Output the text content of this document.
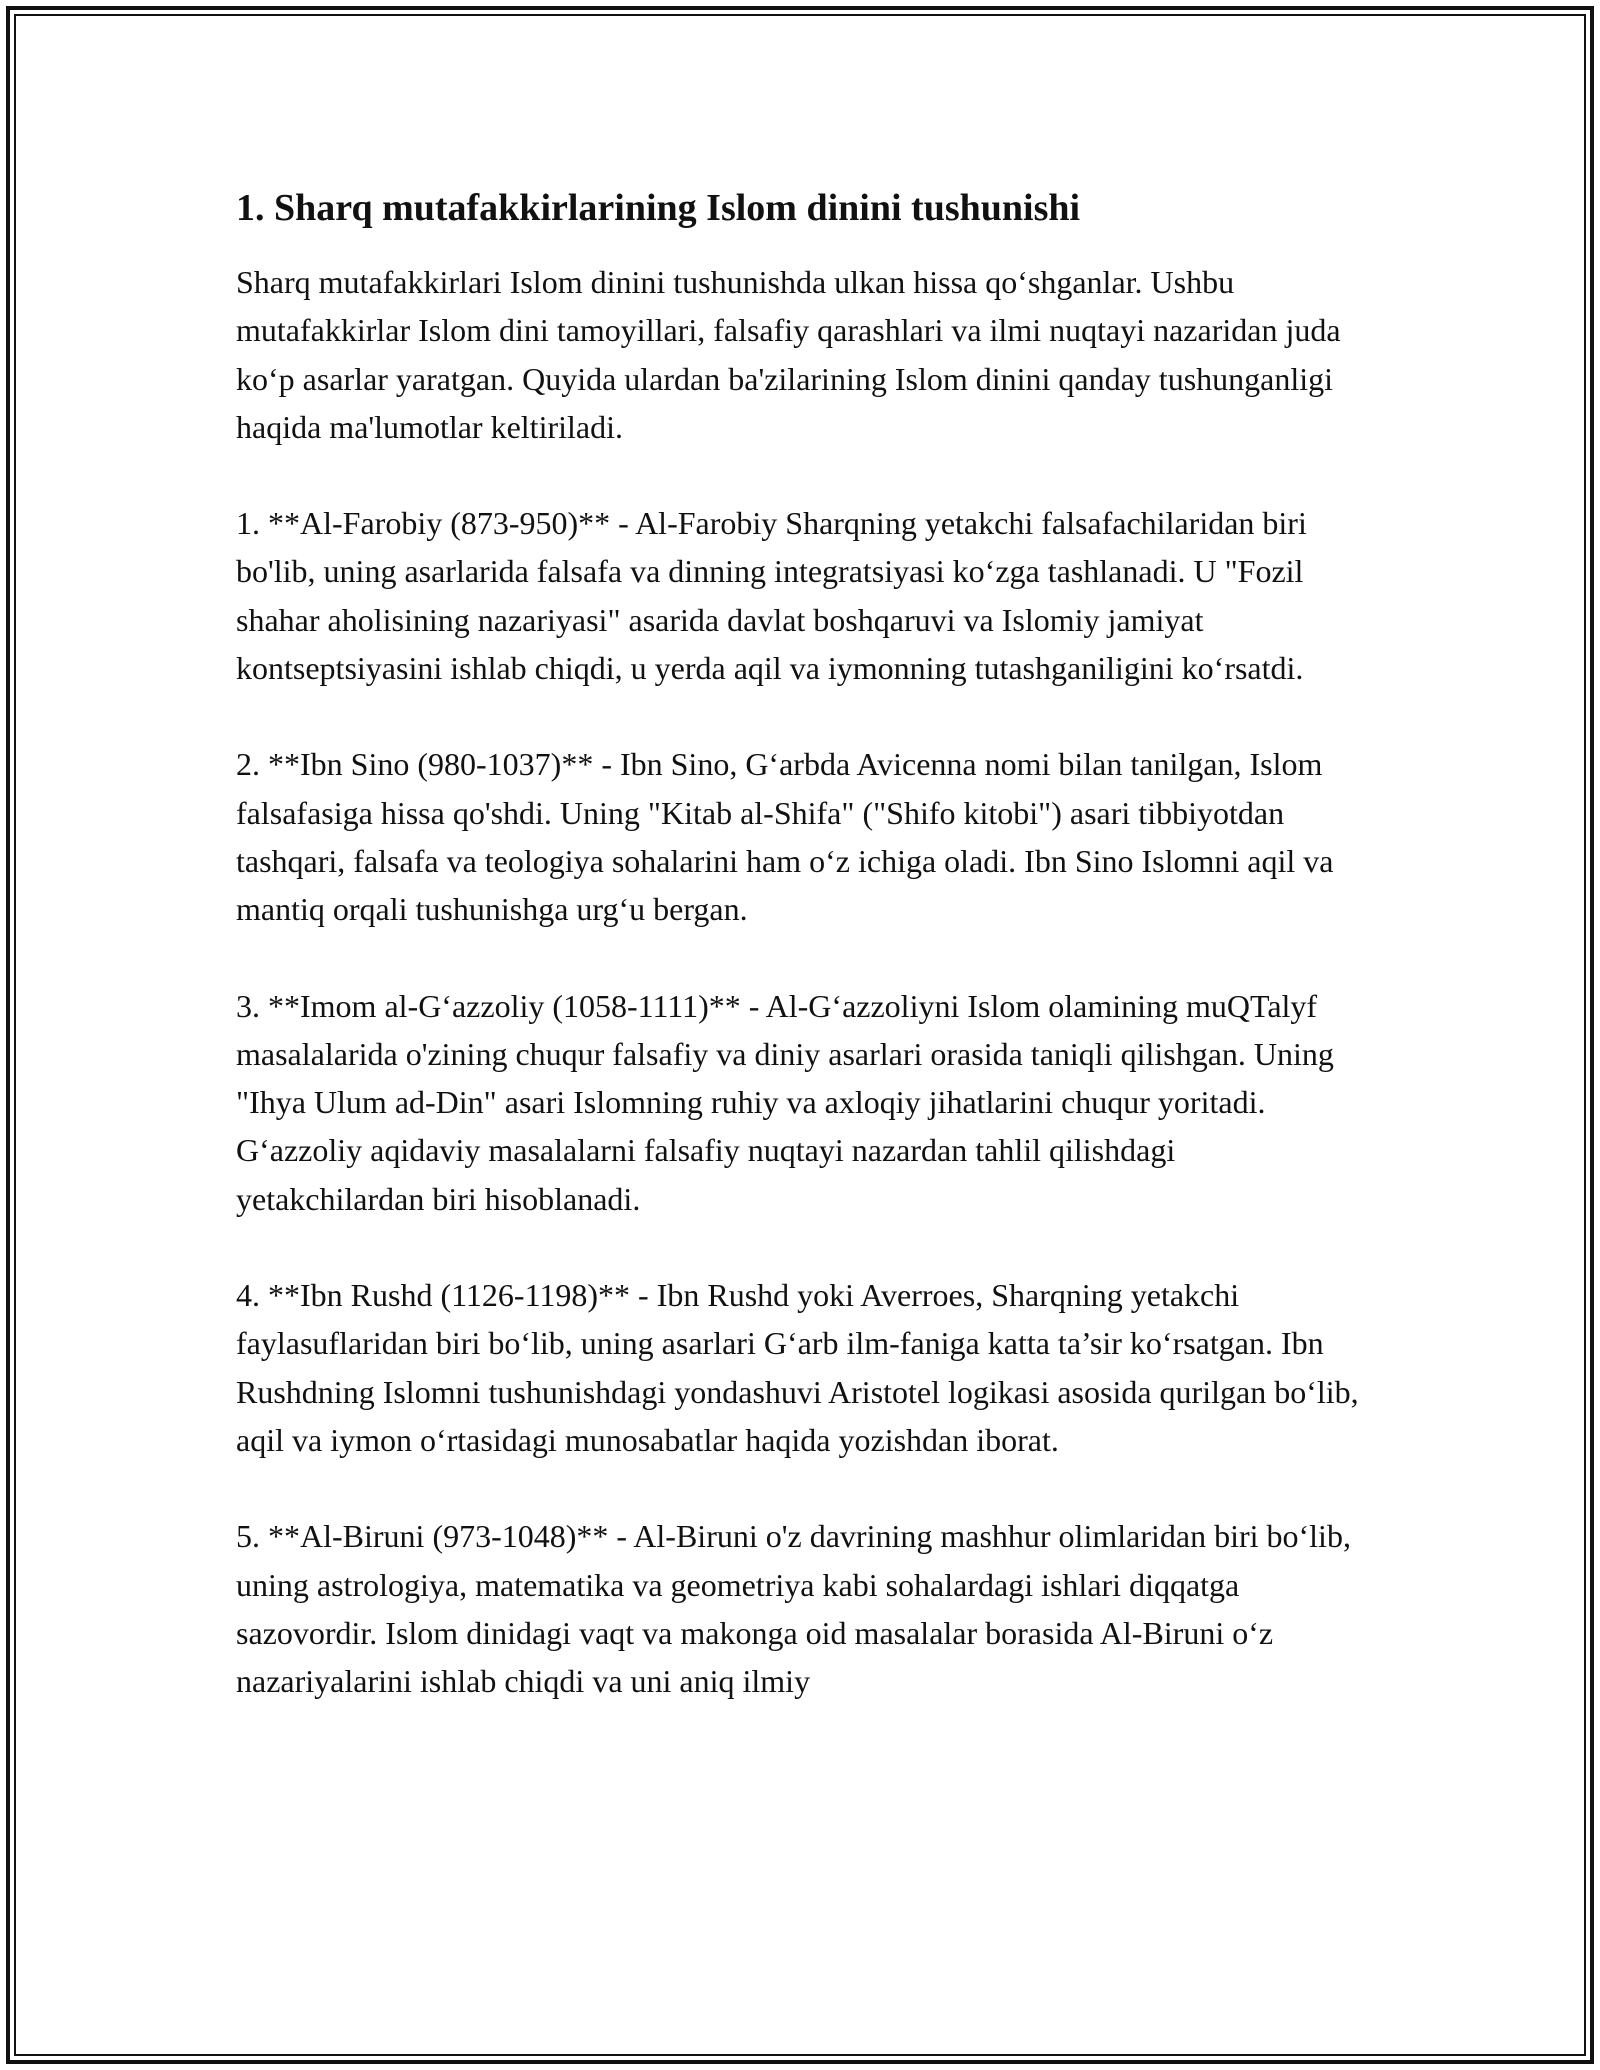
1. Sharq mutafakkirlarining Islom dinini tushunishi

Sharq mutafakkirlari Islom dinini tushunishda ulkan hissa qo‘shganlar. Ushbu mutafakkirlar Islom dini tamoyillari, falsafiy qarashlari va ilmi nuqtayi nazaridan juda ko‘p asarlar yaratgan. Quyida ulardan ba'zilarining Islom dinini qanday tushunganligi haqida ma'lumotlar keltiriladi.

1. **Al-Farobiy (873-950)** - Al-Farobiy Sharqning yetakchi falsafachilaridan biri bo'lib, uning asarlarida falsafa va dinning integratsiyasi ko‘zga tashlanadi. U "Fozil shahar aholisining nazariyasi" asarida davlat boshqaruvi va Islomiy jamiyat kontseptsiyasini ishlab chiqdi, u yerda aqil va iymonning tutashganiligini ko‘rsatdi.

2. **Ibn Sino (980-1037)** - Ibn Sino, G‘arbda Avicenna nomi bilan tanilgan, Islom falsafasiga hissa qo'shdi. Uning "Kitab al-Shifa" ("Shifo kitobi") asari tibbiyotdan tashqari, falsafa va teologiya sohalarini ham o‘z ichiga oladi. Ibn Sino Islomni aqil va mantiq orqali tushunishga urg‘u bergan.

3. **Imom al-G‘azzoliy (1058-1111)** - Al-G‘azzoliyni Islom olamining muQTalyf masalalarida o'zining chuqur falsafiy va diniy asarlari orasida taniqli qilishgan. Uning "Ihya Ulum ad-Din" asari Islomning ruhiy va axloqiy jihatlarini chuqur yoritadi. G‘azzoliy aqidaviy masalalarni falsafiy nuqtayi nazardan tahlil qilishdagi yetakchilardan biri hisoblanadi.

4. **Ibn Rushd (1126-1198)** - Ibn Rushd yoki Averroes, Sharqning yetakchi faylasuflaridan biri bo‘lib, uning asarlari G‘arb ilm-faniga katta ta’sir ko‘rsatgan. Ibn Rushdning Islomni tushunishdagi yondashuvi Aristotel logikasi asosida qurilgan bo‘lib, aqil va iymon o‘rtasidagi munosabatlar haqida yozishdan iborat.

5. **Al-Biruni (973-1048)** - Al-Biruni o'z davrining mashhur olimlaridan biri bo‘lib, uning astrologiya, matematika va geometriya kabi sohalardagi ishlari diqqatga sazovordir. Islom dinidagi vaqt va makonga oid masalalar borasida Al-Biruni o‘z nazariyalarini ishlab chiqdi va uni aniq ilmiy
